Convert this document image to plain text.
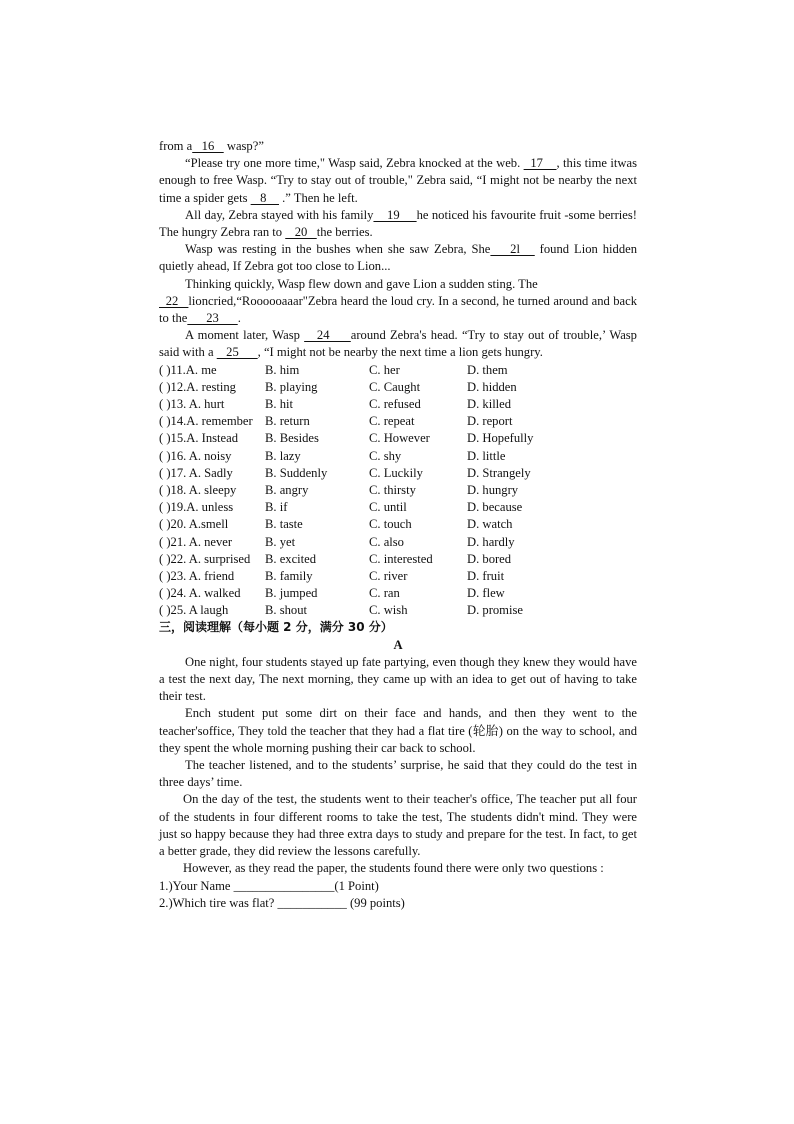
from a   16    wasp?”

“Please try one more time," Wasp said, Zebra knocked at the web.   17    , this time itwas enough to free Wasp. “Try to stay out of trouble," Zebra said, “I might not be nearby the next time a spider gets    8     .” Then he left.

All day, Zebra stayed with his family    19     he noticed his favourite fruit -some berries! The hungry Zebra ran to    20   the berries.

Wasp was resting in the bushes when she saw Zebra, She    2l    found Lion hidden quietly ahead, If Zebra got too close to Lion...

Thinking quickly, Wasp flew down and gave Lion a sudden sting. The
22   lioncried,“Roooooaaar"Zebra heard the loud cry. In a second, he turned around and back to the      23      .

A moment later, Wasp    24     around Zebra's head. “Try to stay out of trouble,’ Wasp said with a    25      , “I might not be nearby the next time a lion gets hungry.

( )11.A. me	B. him	C. her	D. them
( )12.A. resting	B. playing	C. Caught	D. hidden
( )13. A. hurt	B. hit	C. refused	D. killed
( )14.A. remember B. return	C. repeat	D. report
( )15.A. Instead	B. Besides	C. However	D. Hopefully
( )16. A. noisy	B. lazy	C. shy	D. little
( )17. A. Sadly	B. Suddenly	C. Luckily	D. Strangely
( )18. A. sleepy	B. angry	C. thirsty	D. hungry
( )19.A. unless	B. if	C. until	D. because
( )20. A.smell	B. taste	C. touch	D. watch
( )21. A. never	B. yet	C. also	D. hardly
( )22. A. surprised	B. excited	C. interested	D. bored
( )23. A. friend	B. family	C. river	D. fruit
( )24. A. walked	B. jumped	C. ran	D. flew
( )25. A laugh	B. shout	C. wish	D. promise

三，阅读理解（每小题 2 分，满分 30 分）

A

One night, four students stayed up fate partying, even though they knew they would have a test the next day, The next morning, they came up with an idea to get out of having to take their test.

Ench student put some dirt on their face and hands, and then they went to the teacher'soffice, They told the teacher that they had a flat tire (轮胎) on the way to school, and they spent the whole morning pushing their car back to school.

The teacher listened, and to the students’ surprise, he said that they could do the test in three days’ time.

On the day of the test, the students went to their teacher's office, The teacher put all four of the students in four different rooms to take the test, The students didn't mind. They were just so happy because they had three extra days to study and prepare for the test. In fact, to get a better grade, they did review the lessons carefully.

However, as they read the paper, the students found there were only two questions :

1.)Your Name ________________(1 Point)

2.)Which tire was flat? ___________ (99 points)
